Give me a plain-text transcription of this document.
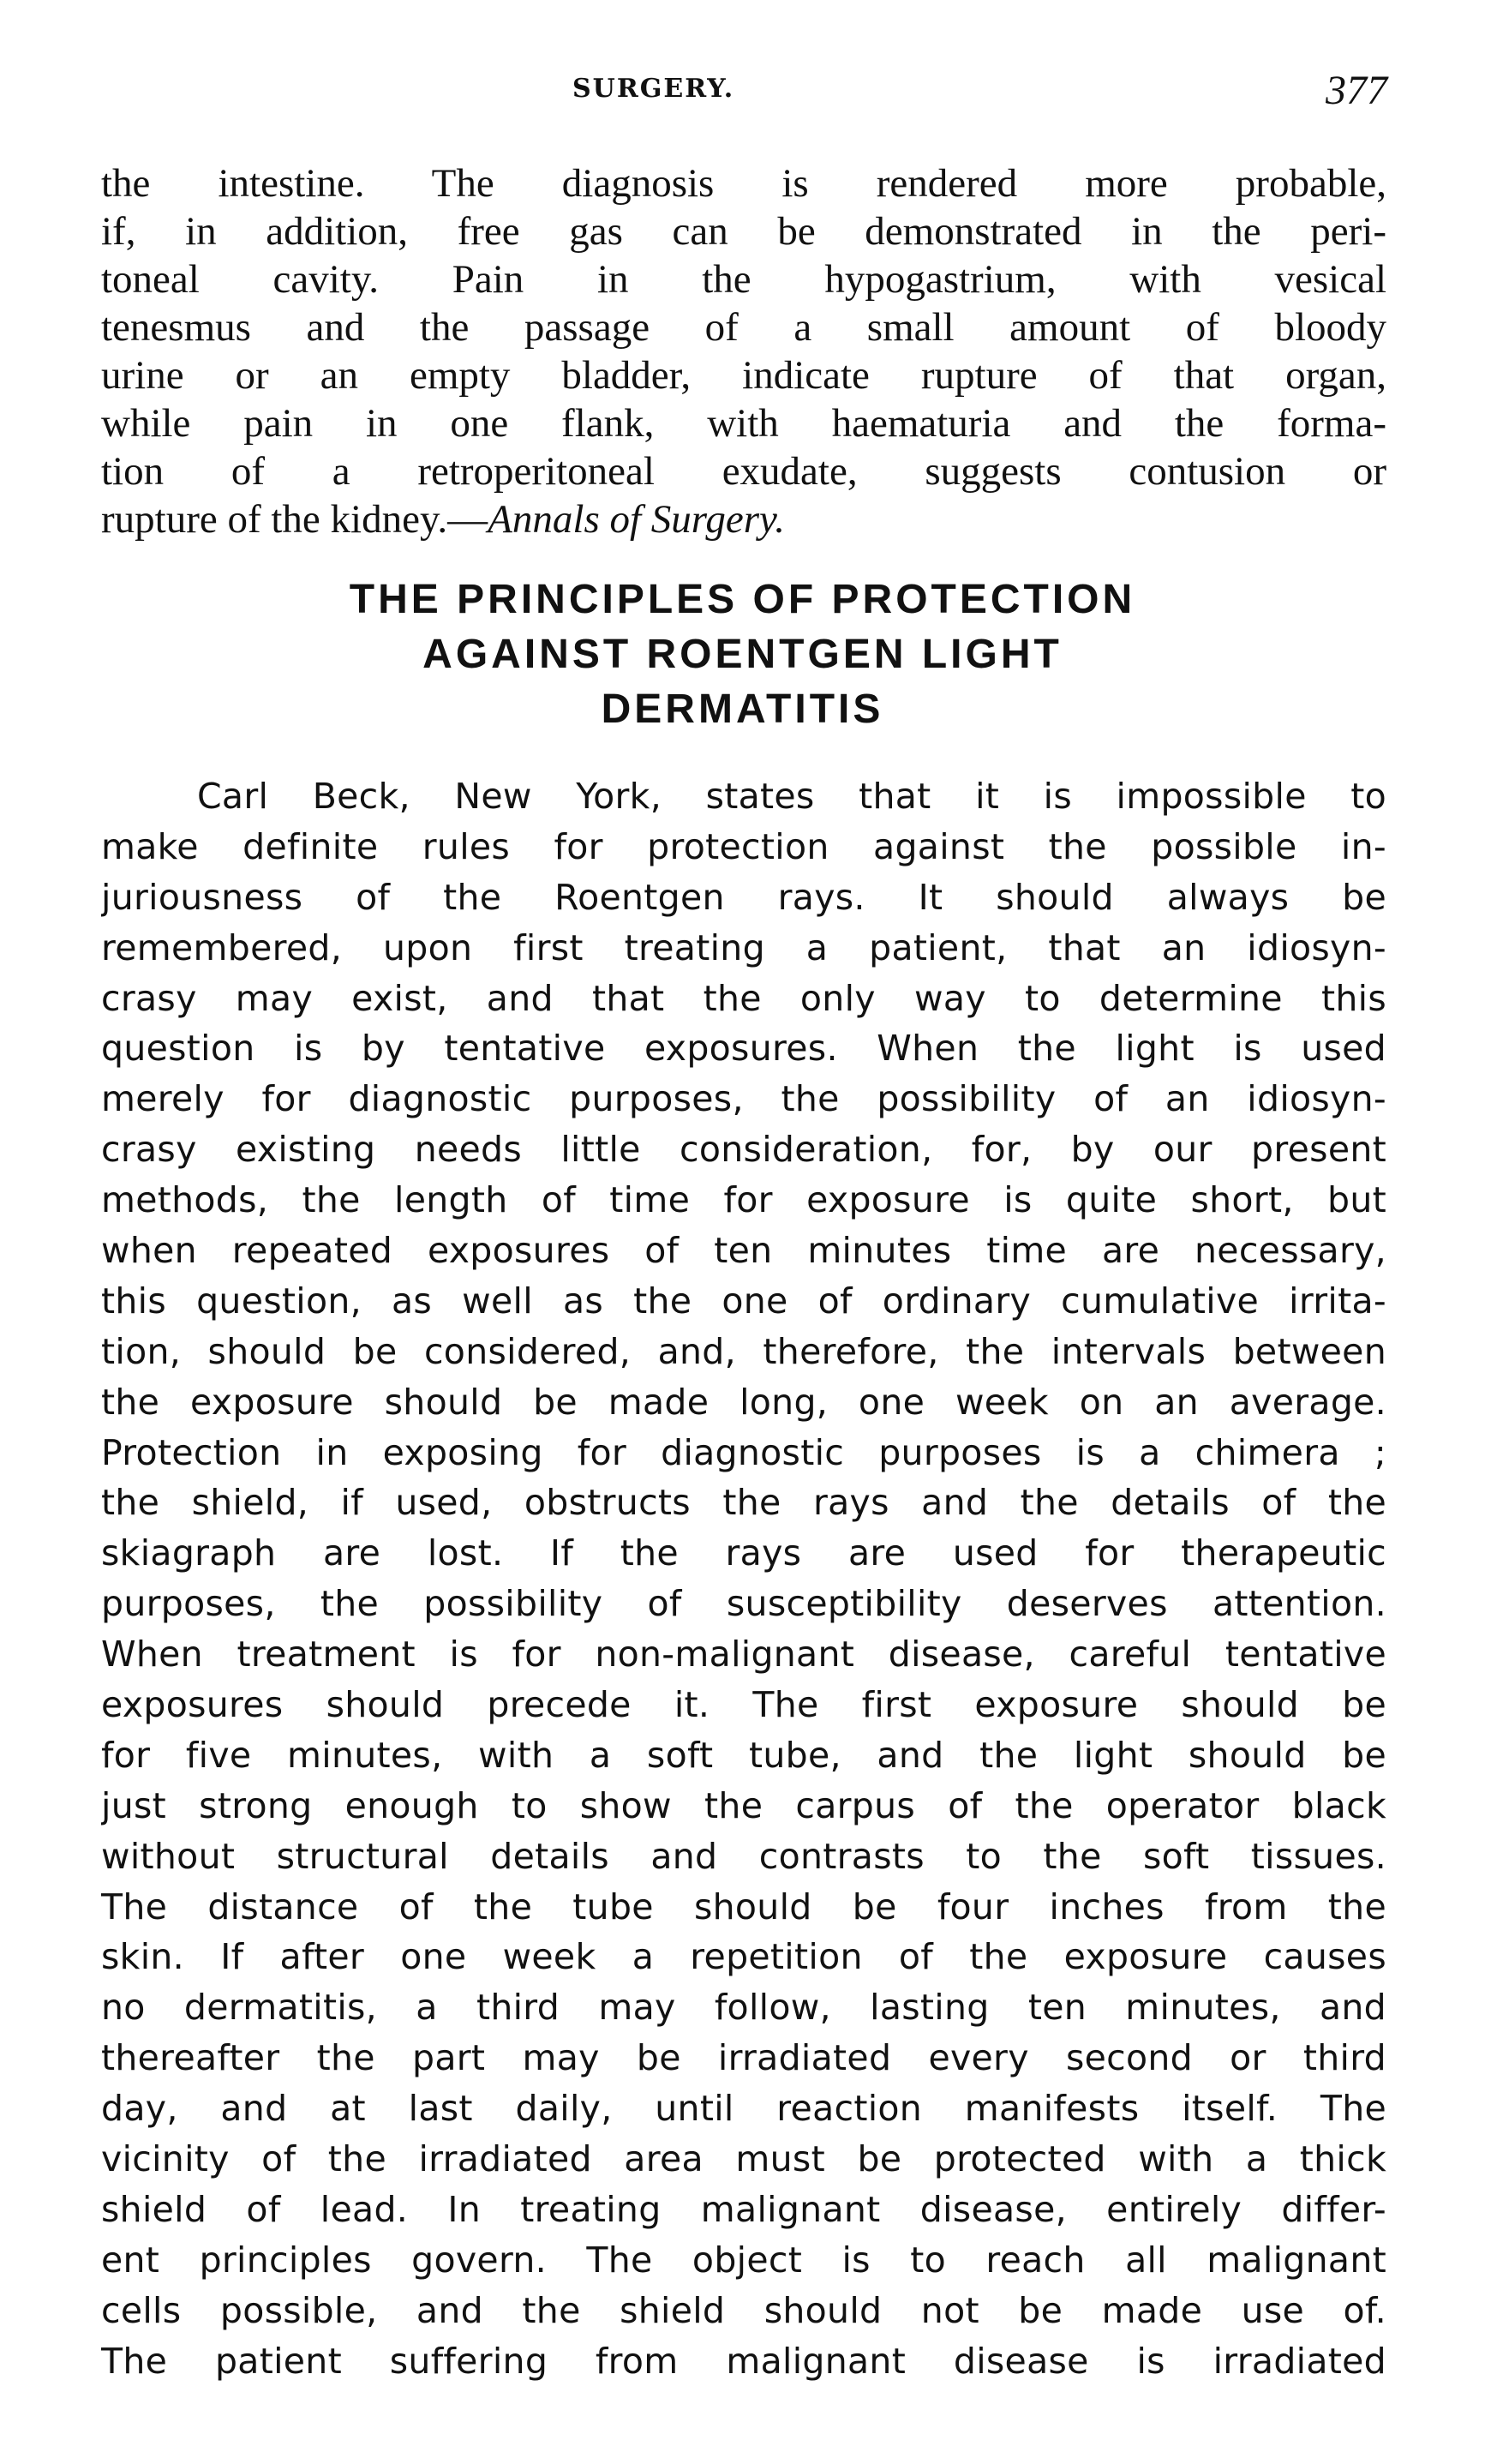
SURGERY.	377
the intestine. The diagnosis is rendered more probable,
if, in addition, free gas can be demonstrated in the peri-
toneal cavity. Pain in the hypogastrium, with vesical
tenesmus and the passage of a small amount of bloody
urine or an empty bladder, indicate rupture of that organ,
while pain in one flank, with haematuria and the forma-
tion of a retroperitoneal exudate, suggests contusion or
rupture of the kidney.—Annals of Surgery.
THE PRINCIPLES OF PROTECTION
AGAINST ROENTGEN LIGHT
DERMATITIS
Carl Beck, New York, states that it is impossible to
make definite rules for protection against the possible in-
juriousness of the Roentgen rays. It should always be
remembered, upon first treating a patient, that an idiosyn-
crasy may exist, and that the only way to determine this
question is by tentative exposures. When the light is used
merely for diagnostic purposes, the possibility of an idiosyn-
crasy existing needs little consideration, for, by our present
methods, the length of time for exposure is quite short, but
when repeated exposures of ten minutes time are necessary,
this question, as well as the one of ordinary cumulative irrita-
tion, should be considered, and, therefore, the intervals between
the exposure should be made long, one week on an average.
Protection in exposing for diagnostic purposes is a chimera ;
the shield, if used, obstructs the rays and the details of the
skiagraph are lost. If the rays are used for therapeutic
purposes, the possibility of susceptibility deserves attention.
When treatment is for non-malignant disease, careful tentative
exposures should precede it. The first exposure should be
for five minutes, with a soft tube, and the light should be
just strong enough to show the carpus of the operator black
without structural details and contrasts to the soft tissues.
The distance of the tube should be four inches from the
skin. If after one week a repetition of the exposure causes
no dermatitis, a third may follow, lasting ten minutes, and
thereafter the part may be irradiated every second or third
day, and at last daily, until reaction manifests itself. The
vicinity of the irradiated area must be protected with a thick
shield of lead. In treating malignant disease, entirely differ-
ent principles govern. The object is to reach all malignant
cells possible, and the shield should not be made use of.
The patient suffering from malignant disease is irradiated
